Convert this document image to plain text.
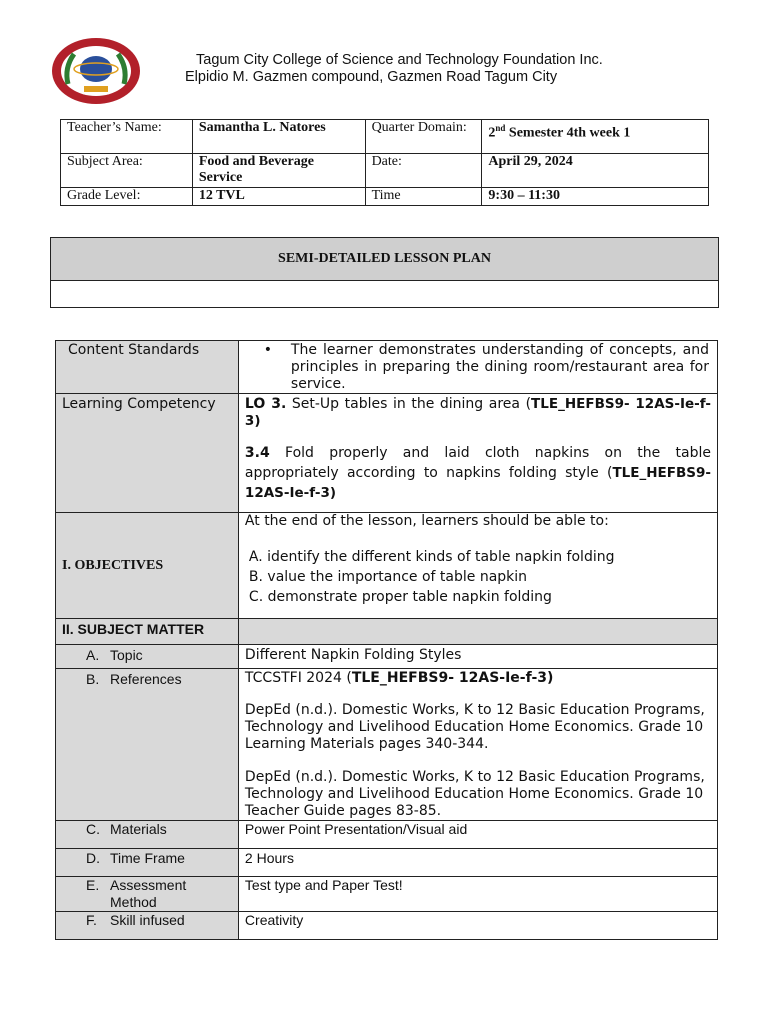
Tagum City College of Science and Technology Foundation Inc.
Elpidio M. Gazmen compound, Gazmen Road Tagum City
Teacher’s Name:	Samantha L. Natores	Quarter Domain:	2nd Semester 4th week 1
Subject Area:	Food and Beverage Service	Date:	April 29, 2024
Grade Level:	12 TVL	Time	9:30 – 11:30
SEMI-DETAILED LESSON PLAN
Content Standards	• The learner demonstrates understanding of concepts, and principles in preparing the dining room/restaurant area for service.

Learning Competency	LO 3. Set-Up tables in the dining area (TLE_HEFBS9- 12AS-Ie-f-3)
3.4 Fold properly and laid cloth napkins on the table appropriately according to napkins folding style (TLE_HEFBS9- 12AS-Ie-f-3)

I. OBJECTIVES	At the end of the lesson, learners should be able to:
A. identify the different kinds of table napkin folding
B. value the importance of table napkin
C. demonstrate proper table napkin folding

II. SUBJECT MATTER	
A. Topic	Different Napkin Folding Styles
B. References	TCCSTFI 2024 (TLE_HEFBS9- 12AS-Ie-f-3)
DepEd (n.d.). Domestic Works, K to 12 Basic Education Programs, Technology and Livelihood Education Home Economics. Grade 10 Learning Materials pages 340-344.
DepEd (n.d.). Domestic Works, K to 12 Basic Education Programs, Technology and Livelihood Education Home Economics. Grade 10 Teacher Guide pages 83-85.

C. Materials	Power Point Presentation/Visual aid
D. Time Frame	2 Hours

E. Assessment Method	Test type and Paper Test!
F. Skill infused	Creativity
